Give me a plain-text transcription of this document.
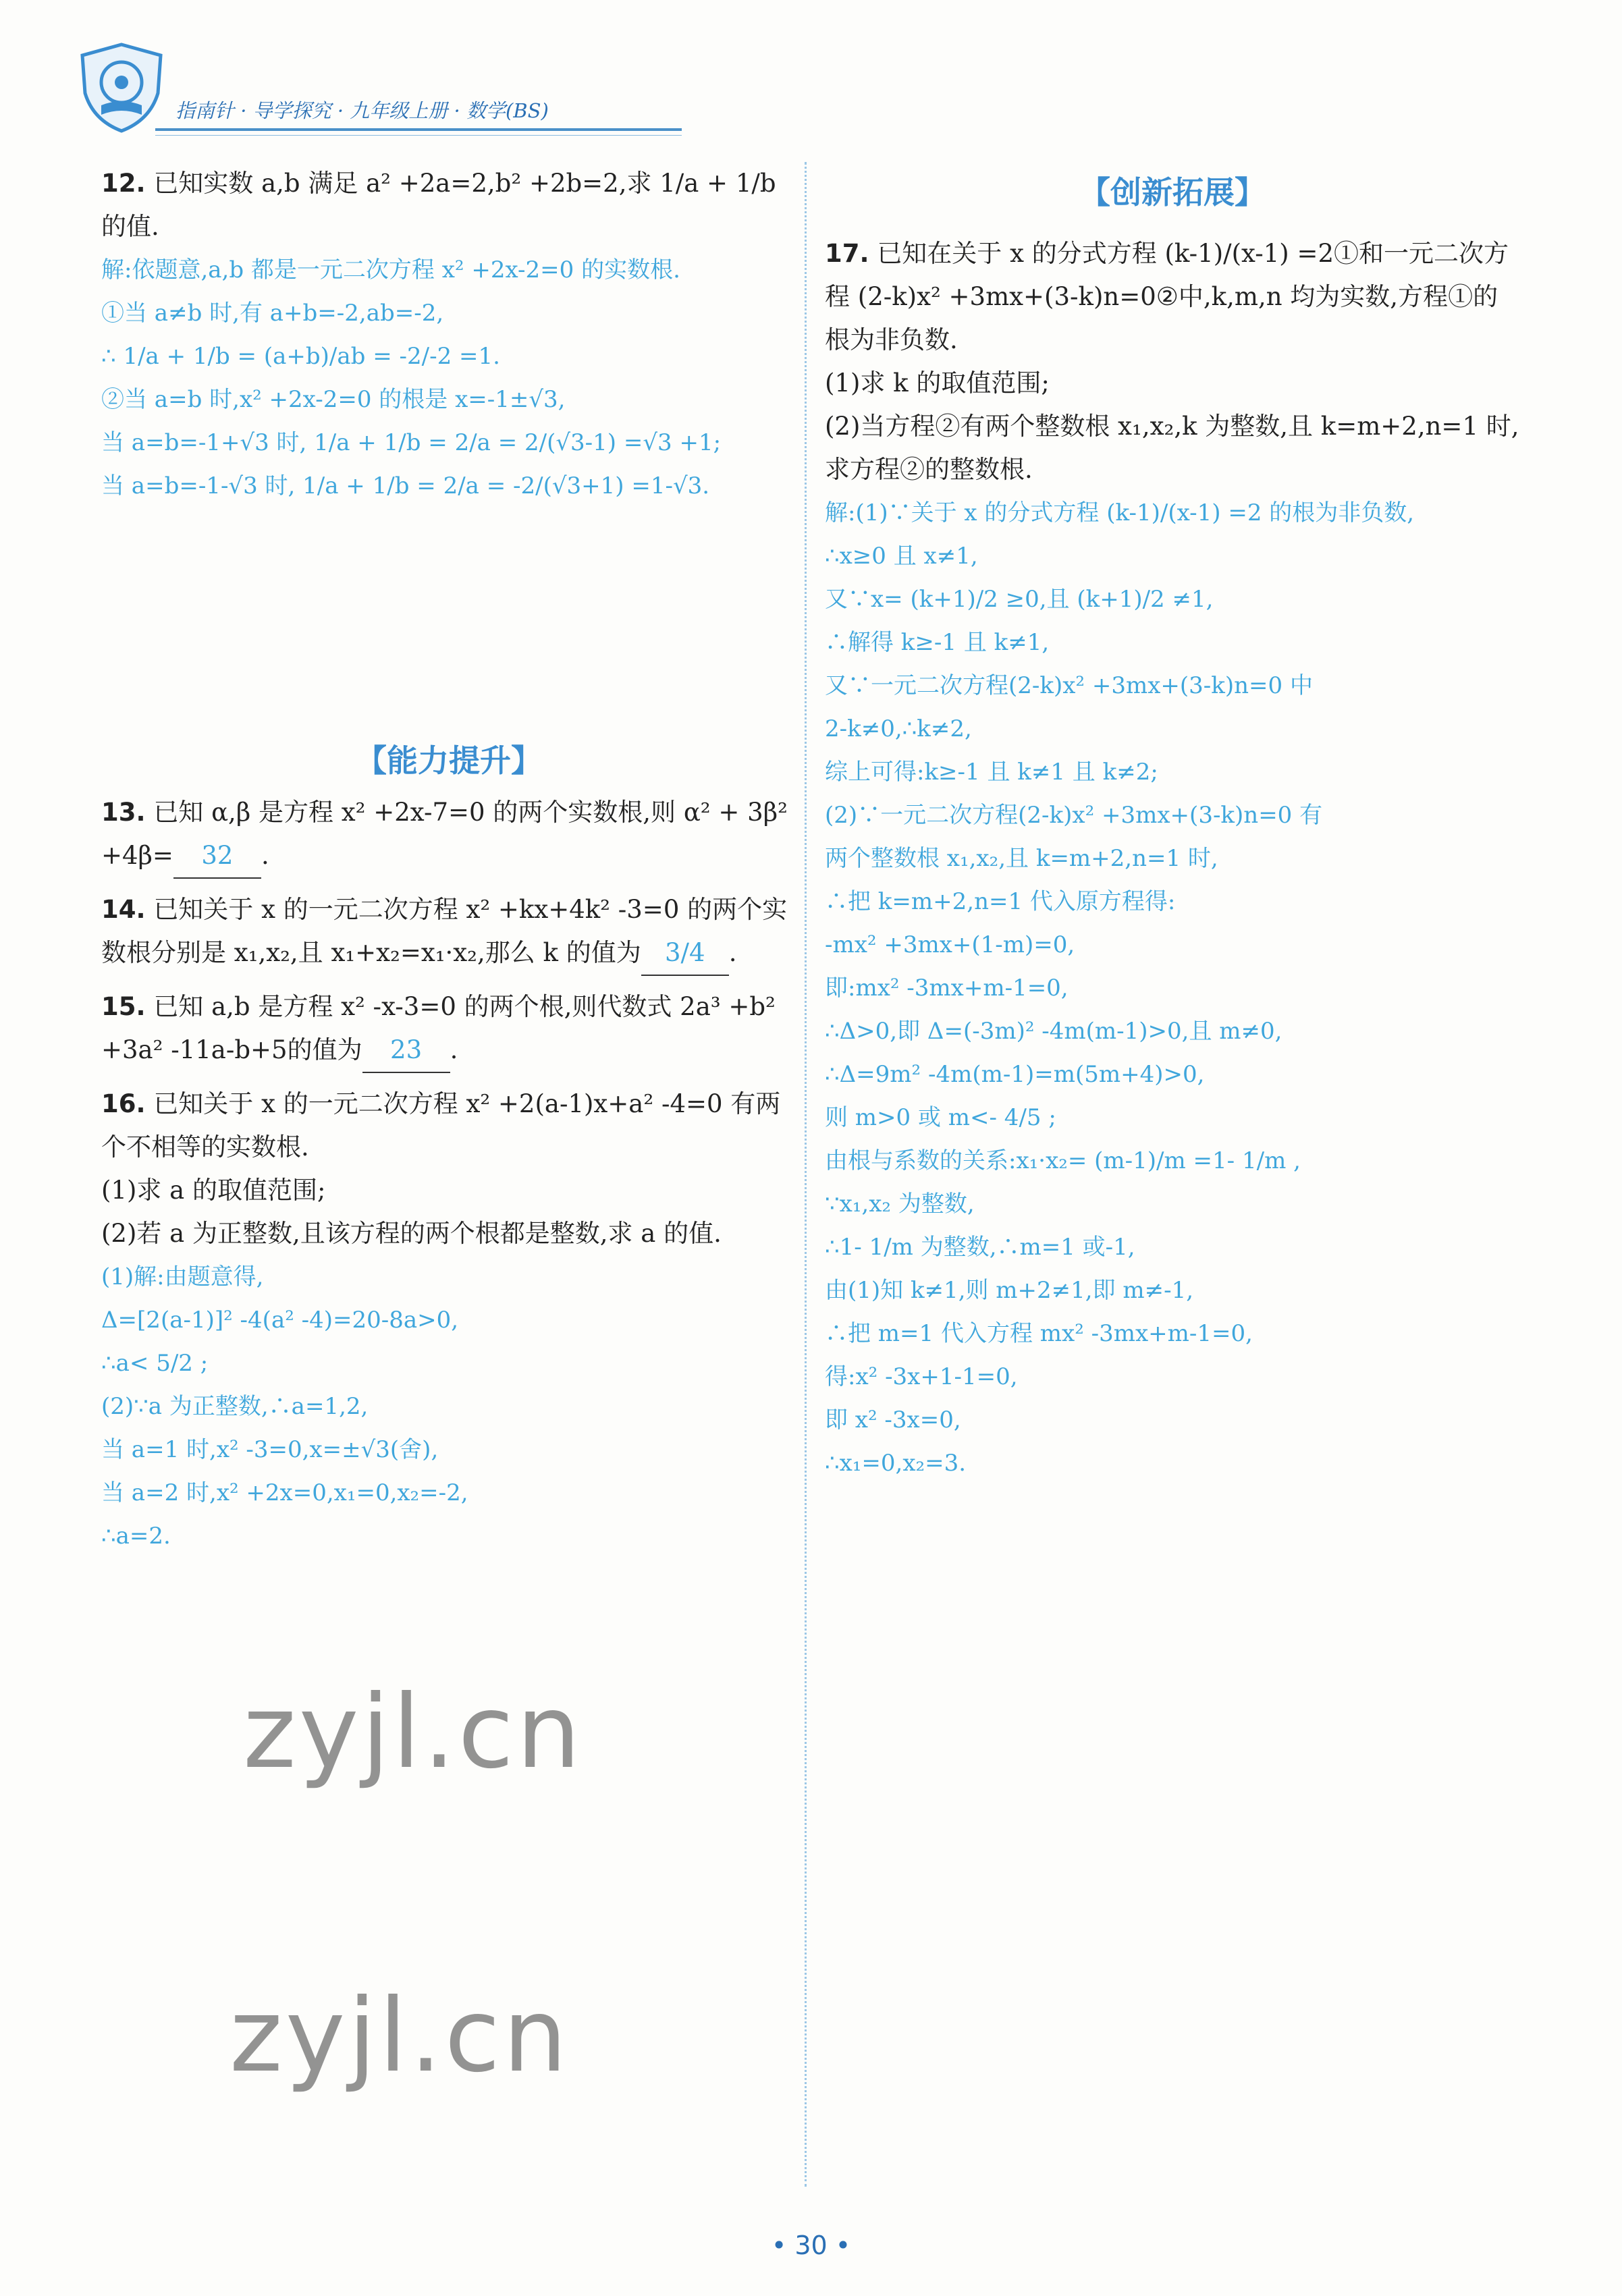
指南针 · 导学探究 · 九年级上册 · 数学(BS)

12. 已知实数 a,b 满足 a² +2a=2,b² +2b=2,求 1/a + 1/b 的值.

解:依题意,a,b 都是一元二次方程 x² +2x-2=0 的实数根.

①当 a≠b 时,有 a+b=-2,ab=-2,

∴ 1/a + 1/b = (a+b)/ab = -2/-2 =1.

②当 a=b 时,x² +2x-2=0 的根是 x=-1±√3,

当 a=b=-1+√3 时, 1/a + 1/b = 2/a = 2/(√3-1) =√3 +1;

当 a=b=-1-√3 时, 1/a + 1/b = 2/a = -2/(√3+1) =1-√3.

【能力提升】

13. 已知 α,β 是方程 x² +2x-7=0 的两个实数根,则 α² + 3β² +4β= 32 .

14. 已知关于 x 的一元二次方程 x² +kx+4k² -3=0 的两个实数根分别是 x₁,x₂,且 x₁+x₂=x₁·x₂,那么 k 的值为 3/4 .

15. 已知 a,b 是方程 x² -x-3=0 的两个根,则代数式 2a³ +b² +3a² -11a-b+5的值为 23 .

16. 已知关于 x 的一元二次方程 x² +2(a-1)x+a² -4=0 有两个不相等的实数根.

(1)求 a 的取值范围;

(2)若 a 为正整数,且该方程的两个根都是整数,求 a 的值.

(1)解:由题意得,

Δ=[2(a-1)]² -4(a² -4)=20-8a>0,

∴a< 5/2 ;

(2)∵a 为正整数,∴a=1,2,

当 a=1 时,x² -3=0,x=±√3(舍),

当 a=2 时,x² +2x=0,x₁=0,x₂=-2,

∴a=2.

【创新拓展】

17. 已知在关于 x 的分式方程 (k-1)/(x-1) =2①和一元二次方程 (2-k)x² +3mx+(3-k)n=0②中,k,m,n 均为实数,方程①的根为非负数.

(1)求 k 的取值范围;

(2)当方程②有两个整数根 x₁,x₂,k 为整数,且 k=m+2,n=1 时,求方程②的整数根.

解:(1)∵关于 x 的分式方程 (k-1)/(x-1) =2 的根为非负数,

∴x≥0 且 x≠1,

又∵x= (k+1)/2 ≥0,且 (k+1)/2 ≠1,

∴解得 k≥-1 且 k≠1,

又∵一元二次方程(2-k)x² +3mx+(3-k)n=0 中

2-k≠0,∴k≠2,

综上可得:k≥-1 且 k≠1 且 k≠2;

(2)∵一元二次方程(2-k)x² +3mx+(3-k)n=0 有

两个整数根 x₁,x₂,且 k=m+2,n=1 时,

∴把 k=m+2,n=1 代入原方程得:

-mx² +3mx+(1-m)=0,

即:mx² -3mx+m-1=0,

∴Δ>0,即 Δ=(-3m)² -4m(m-1)>0,且 m≠0,

∴Δ=9m² -4m(m-1)=m(5m+4)>0,

则 m>0 或 m<- 4/5 ;

由根与系数的关系:x₁·x₂= (m-1)/m =1- 1/m ,

∵x₁,x₂ 为整数,

∴1- 1/m 为整数,∴m=1 或-1,

由(1)知 k≠1,则 m+2≠1,即 m≠-1,

∴把 m=1 代入方程 mx² -3mx+m-1=0,

得:x² -3x+1-1=0,

即 x² -3x=0,

∴x₁=0,x₂=3.

zyjl.cn
zyjl.cn
• 30 •
